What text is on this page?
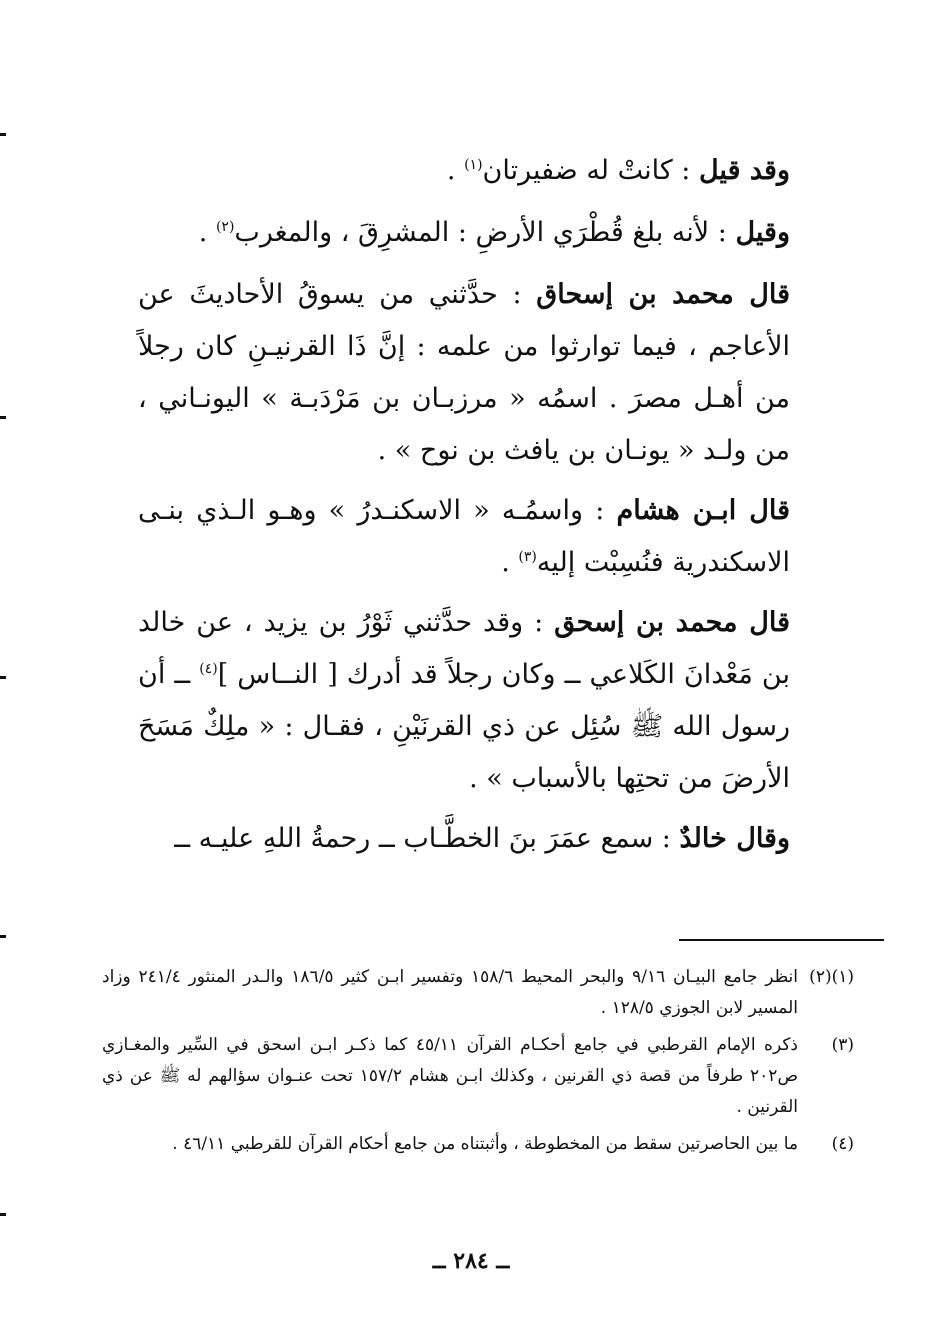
وقد قيل : كانتْ له ضفيرتان$^{(١)}$ .

وقيل : لأنه بلغ قُطْرَي الأرضِ : المشرِقَ ، والمغرب$^{(٢)}$ .

قال محمد بن إسحاق : حدَّثني من يسوقُ الأحاديثَ عن الأعاجم ، فيما توارثوا من علمه : إنَّ ذَا القرنيـنِ كان رجلاً من أهـل مصرَ . اسمُه « مرزبـان بن مَرْدَبـة » اليونـاني ، من ولـد « يونـان بن يافث بن نوح » .

قال ابـن هشام : واسمُـه « الاسكنـدرُ » وهـو الـذي بنـى الاسكندرية فنُسِبْت إليه$^{(٣)}$ .

قال محمد بن إسحق : وقد حدَّثني ثَوْرُ بن يزيد ، عن خالد بن مَعْدانَ الكَلاعي ــ وكان رجلاً قد أدرك [ النــاس ]$^{(٤)}$ ــ أن رسول الله ﷺ سُئِل عن ذي القرنَيْنِ ، فقـال : « ملِكٌ مَسَحَ الأرضَ من تحتِها بالأسباب » .

وقال خالدٌ : سمع عمَرَ بنَ الخطَّـاب ــ رحمةُ اللهِ عليـه ــ

(١)(٢)
انظر جامع البيـان ٩/١٦ والبحر المحيط ١٥٨/٦ وتفسير ابـن كثير ١٨٦/٥ والـدر المنثور ٢٤١/٤ وزاد المسير لابن الجوزي ١٢٨/٥ .
(٣)
ذكره الإمام القرطبي في جامع أحكـام القرآن ٤٥/١١ كما ذكـر ابـن اسحق في السِّير والمغـازي ص٢٠٢ طرفاً من قصة ذي القرنين ، وكذلك ابـن هشام ١٥٧/٢ تحت عنـوان سؤالهم له ﷺ عن ذي القرنين .
(٤)
ما بين الحاصرتين سقط من المخطوطة ، وأثبتناه من جامع أحكام القرآن للقرطبي ٤٦/١١ .
ــ ٢٨٤ ــ
